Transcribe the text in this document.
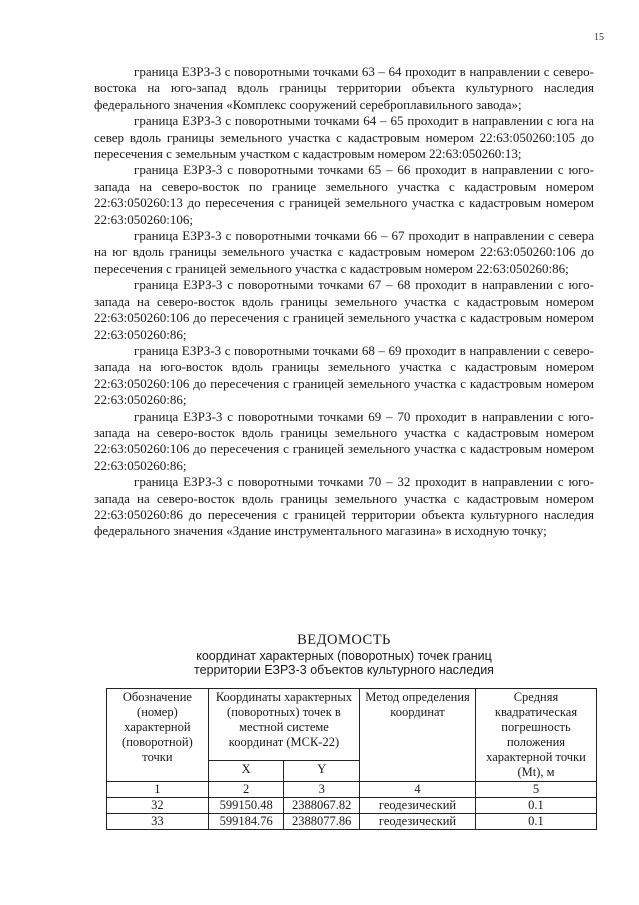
15

граница ЕЗРЗ-3 с поворотными точками 63 – 64 проходит в направлении с северо-востока на юго-запад вдоль границы территории объекта культурного наследия федерального значения «Комплекс сооружений сереброплавильного завода»;

граница ЕЗРЗ-3 с поворотными точками 64 – 65 проходит в направлении с юга на север вдоль границы земельного участка с кадастровым номером 22:63:050260:105 до пересечения с земельным участком с кадастровым номером 22:63:050260:13;

граница ЕЗРЗ-3 с поворотными точками 65 – 66 проходит в направлении с юго-запада на северо-восток по границе земельного участка с кадастровым номером 22:63:050260:13 до пересечения с границей земельного участка с кадастровым номером 22:63:050260:106;

граница ЕЗРЗ-3 с поворотными точками 66 – 67 проходит в направлении с севера на юг вдоль границы земельного участка с кадастровым номером 22:63:050260:106 до пересечения с границей земельного участка с кадастровым номером 22:63:050260:86;

граница ЕЗРЗ-3 с поворотными точками 67 – 68 проходит в направлении с юго-запада на северо-восток вдоль границы земельного участка с кадастровым номером 22:63:050260:106 до пересечения с границей земельного участка с кадастровым номером 22:63:050260:86;

граница ЕЗРЗ-3 с поворотными точками 68 – 69 проходит в направлении с северо-запада на юго-восток вдоль границы земельного участка с кадастровым номером 22:63:050260:106 до пересечения с границей земельного участка с кадастровым номером 22:63:050260:86;

граница ЕЗРЗ-3 с поворотными точками 69 – 70 проходит в направлении с юго-запада на северо-восток вдоль границы земельного участка с кадастровым номером 22:63:050260:106 до пересечения с границей земельного участка с кадастровым номером 22:63:050260:86;

граница ЕЗРЗ-3 с поворотными точками 70 – 32 проходит в направлении с юго-запада на северо-восток вдоль границы земельного участка с кадастровым номером 22:63:050260:86 до пересечения с границей территории объекта культурного наследия федерального значения «Здание инструментального магазина» в исходную точку;

ВЕДОМОСТЬ
координат характерных (поворотных) точек границ
территории ЕЗРЗ-3 объектов культурного наследия
Обозначение (номер) характерной (поворотной) точки	Координаты характерных (поворотных) точек в местной системе координат (МСК-22)		Метод определения координат	Средняя квадратическая погрешность положения характерной точки (Mt), м
	X	Y		
1	2	3	4	5
32	599150.48	2388067.82	геодезический	0.1
33	599184.76	2388077.86	геодезический	0.1
